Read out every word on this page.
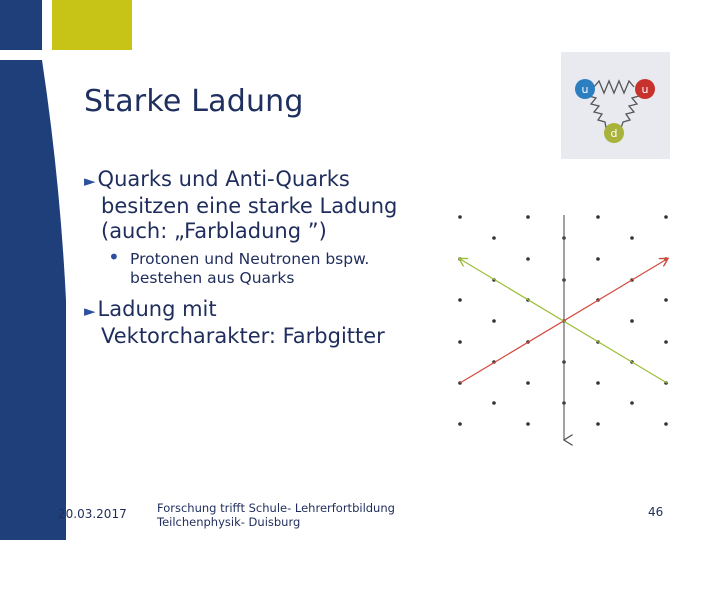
Starke Ladung
►Quarks und Anti-Quarks
besitzen eine starke Ladung
(auch: „Farbladung ”)
• Protonen und Neutronen bspw.
bestehen aus Quarks
►Ladung mit
Vektorcharakter: Farbgitter
u	u
d
20.03.2017	Forschung trifft Schule- Lehrerfortbildung
Teilchenphysik- Duisburg
46
